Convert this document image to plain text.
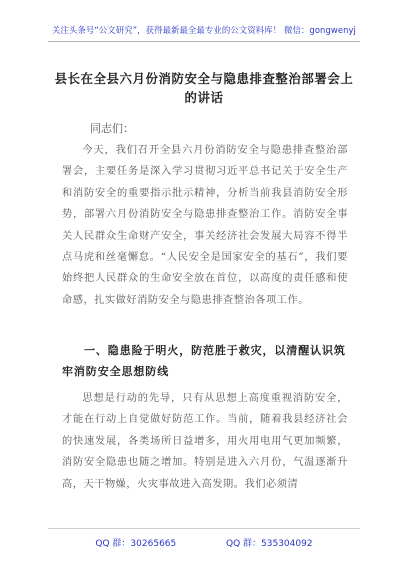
关注头条号“公文研究”，获得最新最全最专业的公文资料库！ 微信：gongwenyj
县长在全县六月份消防安全与隐患排查整治部署会上的讲话
同志们：

今天，我们召开全县六月份消防安全与隐患排查整治部署会，主要任务是深入学习贯彻习近平总书记关于安全生产和消防安全的重要指示批示精神，分析当前我县消防安全形势，部署六月份消防安全与隐患排查整治工作。消防安全事关人民群众生命财产安全，事关经济社会发展大局容不得半点马虎和丝毫懈怠。“人民安全是国家安全的基石”，我们要始终把人民群众的生命安全放在首位，以高度的责任感和使命感，扎实做好消防安全与隐患排查整治各项工作。

一、隐患险于明火，防范胜于救灾，以清醒认识筑牢消防安全思想防线

思想是行动的先导，只有从思想上高度重视消防安全，才能在行动上自觉做好防范工作。当前，随着我县经济社会的快速发展，各类场所日益增多，用火用电用气更加频繁，消防安全隐患也随之增加。特别是进入六月份，气温逐渐升高，天干物燥，火灾事故进入高发期。我们必须清

QQ 群：30265665	QQ 群：535304092
